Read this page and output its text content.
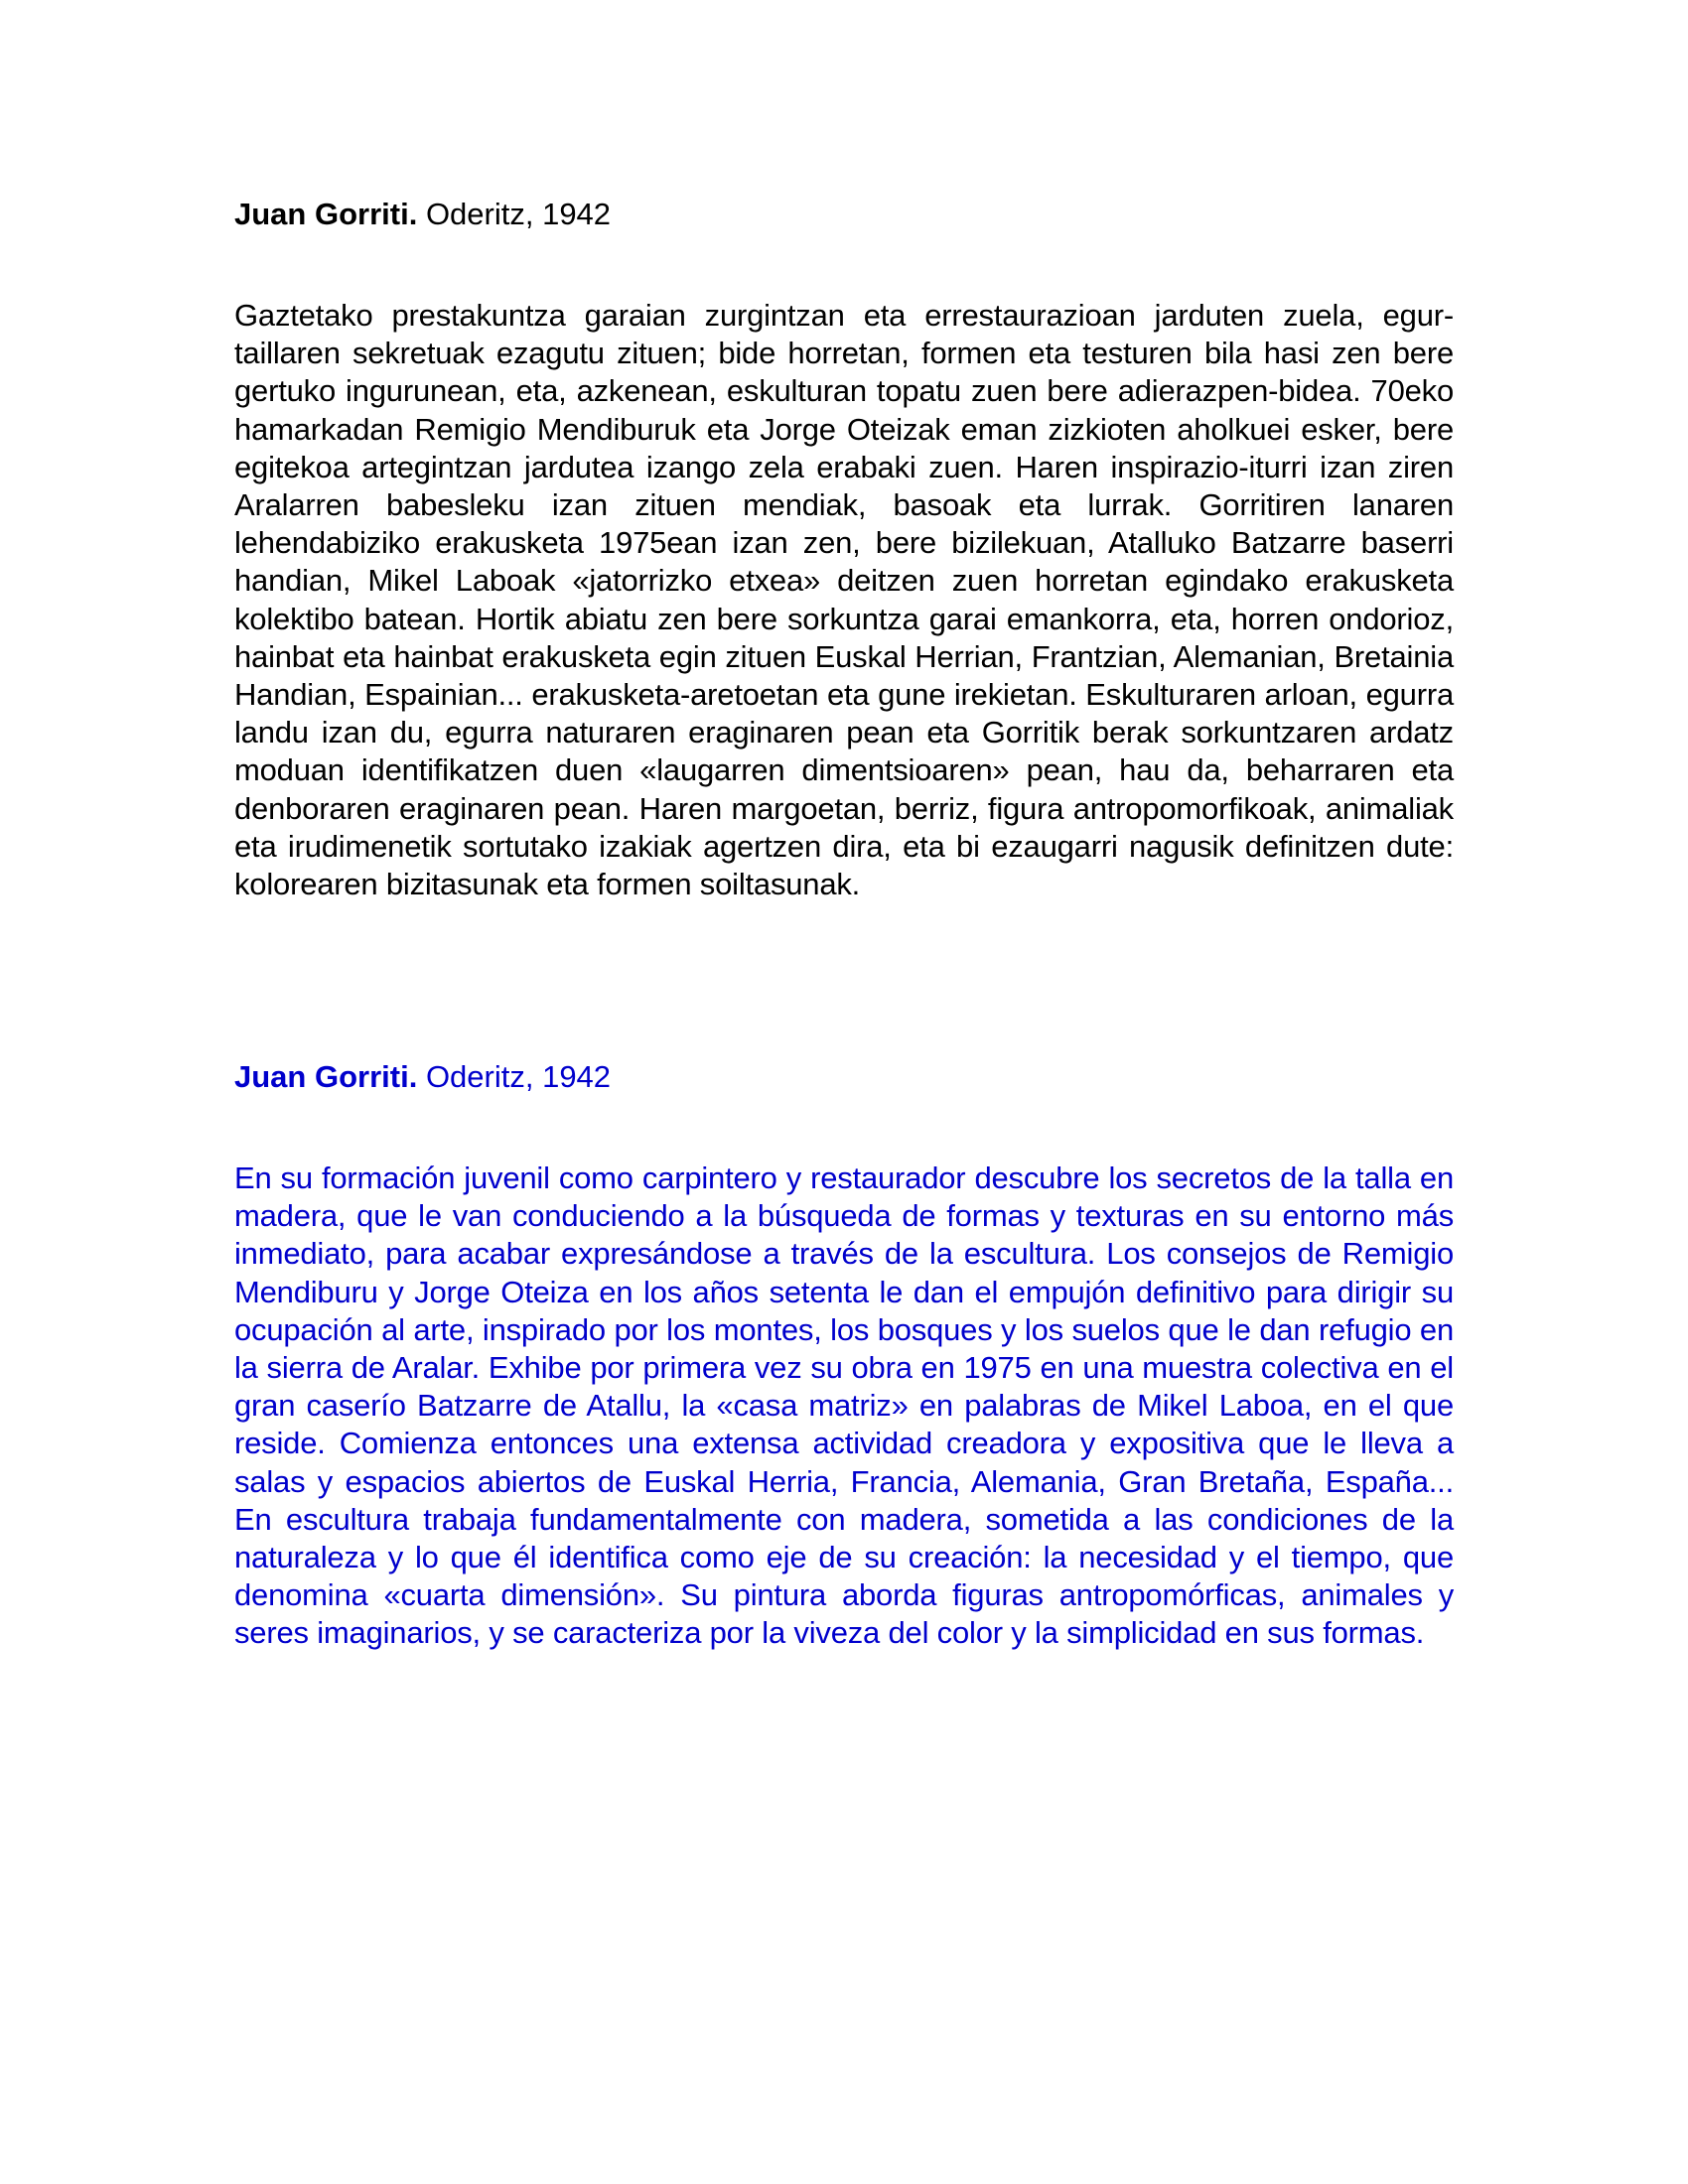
Juan Gorriti. Oderitz, 1942

Gaztetako prestakuntza garaian zurgintzan eta errestaurazioan jarduten zuela, egur-taillaren sekretuak ezagutu zituen; bide horretan, formen eta testuren bila hasi zen bere gertuko ingurunean, eta, azkenean, eskulturan topatu zuen bere adierazpen-bidea. 70eko hamarkadan Remigio Mendiburuk eta Jorge Oteizak eman zizkioten aholkuei esker, bere egitekoa artegintzan jardutea izango zela erabaki zuen. Haren inspirazio-iturri izan ziren Aralarren babesleku izan zituen mendiak, basoak eta lurrak. Gorritiren lanaren lehendabiziko erakusketa 1975ean izan zen, bere bizilekuan, Atalluko Batzarre baserri handian, Mikel Laboak «jatorrizko etxea» deitzen zuen horretan egindako erakusketa kolektibo batean. Hortik abiatu zen bere sorkuntza garai emankorra, eta, horren ondorioz, hainbat eta hainbat erakusketa egin zituen Euskal Herrian, Frantzian, Alemanian, Bretainia Handian, Espainian... erakusketa-aretoetan eta gune irekietan. Eskulturaren arloan, egurra landu izan du, egurra naturaren eraginaren pean eta Gorritik berak sorkuntzaren ardatz moduan identifikatzen duen «laugarren dimentsioaren» pean, hau da, beharraren eta denboraren eraginaren pean. Haren margoetan, berriz, figura antropomorfikoak, animaliak eta irudimenetik sortutako izakiak agertzen dira, eta bi ezaugarri nagusik definitzen dute: kolorearen bizitasunak eta formen soiltasunak.

Juan Gorriti. Oderitz, 1942

En su formación juvenil como carpintero y restaurador descubre los secretos de la talla en madera, que le van conduciendo a la búsqueda de formas y texturas en su entorno más inmediato, para acabar expresándose a través de la escultura. Los consejos de Remigio Mendiburu y Jorge Oteiza en los años setenta le dan el empujón definitivo para dirigir su ocupación al arte, inspirado por los montes, los bosques y los suelos que le dan refugio en la sierra de Aralar. Exhibe por primera vez su obra en 1975 en una muestra colectiva en el gran caserío Batzarre de Atallu, la «casa matriz» en palabras de Mikel Laboa, en el que reside. Comienza entonces una extensa actividad creadora y expositiva que le lleva a salas y espacios abiertos de Euskal Herria, Francia, Alemania, Gran Bretaña, España... En escultura trabaja fundamentalmente con madera, sometida a las condiciones de la naturaleza y lo que él identifica como eje de su creación: la necesidad y el tiempo, que denomina «cuarta dimensión». Su pintura aborda figuras antropomórficas, animales y seres imaginarios, y se caracteriza por la viveza del color y la simplicidad en sus formas.
